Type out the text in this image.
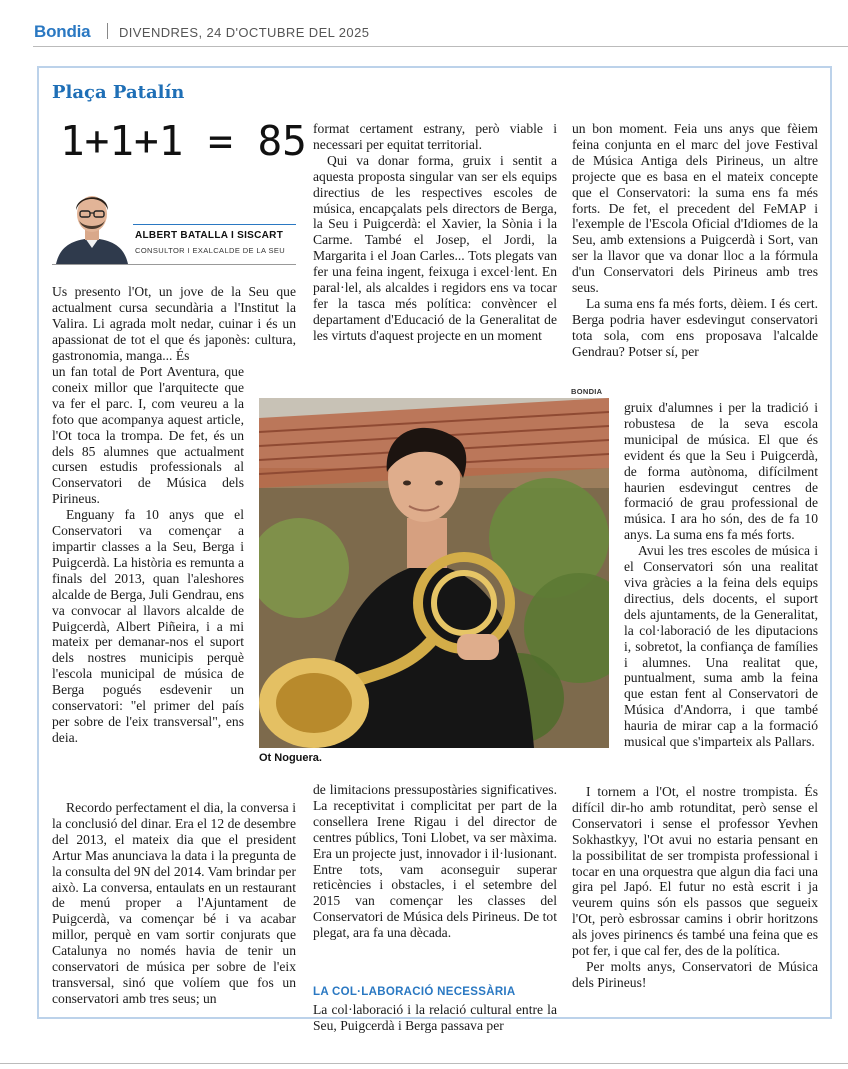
Bondia DIVENDRES, 24 D'OCTUBRE DEL 2025
Plaça Patalín
1+1+1 = 85
ALBERT BATALLA I SISCART
CONSULTOR I EXALCALDE DE LA SEU

Us presento l'Ot, un jove de la Seu que actualment cursa secundària a l'Institut la Valira. Li agrada molt nedar, cuinar i és un apassionat de tot el que és japonès: cultura, gastronomia, manga... És

un fan total de Port Aventura, que coneix millor que l'arquitecte que va fer el parc. I, com veureu a la foto que acompanya aquest article, l'Ot toca la trompa. De fet, és un dels 85 alumnes que actualment cursen estudis professionals al Conservatori de Música dels Pirineus.

Enguany fa 10 anys que el Conservatori va començar a impartir classes a la Seu, Berga i Puigcerdà. La història es remunta a finals del 2013, quan l'aleshores alcalde de Berga, Juli Gendrau, ens va convocar al llavors alcalde de Puigcerdà, Albert Piñeira, i a mi mateix per demanar-nos el suport dels nostres municipis perquè l'escola municipal de música de Berga pogués esdevenir un conservatori: "el primer del país per sobre de l'eix transversal", ens deia.

Recordo perfectament el dia, la conversa i la conclusió del dinar. Era el 12 de desembre del 2013, el mateix dia que el president Artur Mas anunciava la data i la pregunta de la consulta del 9N del 2014. Vam brindar per això. La conversa, entaulats en un restaurant de menú proper a l'Ajuntament de Puigcerdà, va començar bé i va acabar millor, perquè en vam sortir conjurats que Catalunya no només havia de tenir un conservatori de música per sobre de l'eix transversal, sinó que volíem que fos un conservatori amb tres seus; un

format certament estrany, però viable i necessari per equitat territorial.

Qui va donar forma, gruix i sentit a aquesta proposta singular van ser els equips directius de les respectives escoles de música, encapçalats pels directors de Berga, la Seu i Puigcerdà: el Xavier, la Sònia i la Carme. També el Josep, el Jordi, la Margarita i el Joan Carles... Tots plegats van fer una feina ingent, feixuga i excel·lent. En paral·lel, als alcaldes i regidors ens va tocar fer la tasca més política: convèncer el departament d'Educació de la Generalitat de les virtuts d'aquest projecte en un moment

de limitacions pressupostàries significatives. La receptivitat i complicitat per part de la consellera Irene Rigau i del director de centres públics, Toni Llobet, va ser màxima. Era un projecte just, innovador i il·lusionant. Entre tots, vam aconseguir superar reticències i obstacles, i el setembre del 2015 van començar les classes del Conservatori de Música dels Pirineus. De tot plegat, ara fa una dècada.

LA COL·LABORACIÓ NECESSÀRIA

La col·laboració i la relació cultural entre la Seu, Puigcerdà i Berga passava per

un bon moment. Feia uns anys que fèiem feina conjunta en el marc del jove Festival de Música Antiga dels Pirineus, un altre projecte que es basa en el mateix concepte que el Conservatori: la suma ens fa més forts. De fet, el precedent del FeMAP i l'exemple de l'Escola Oficial d'Idiomes de la Seu, amb extensions a Puigcerdà i Sort, van ser la llavor que va donar lloc a la fórmula d'un Conservatori dels Pirineus amb tres seus.

La suma ens fa més forts, dèiem. I és cert. Berga podria haver esdevingut conservatori tota sola, com ens proposava l'alcalde Gendrau? Potser sí, per

gruix d'alumnes i per la tradició i robustesa de la seva escola municipal de música. El que és evident és que la Seu i Puigcerdà, de forma autònoma, difícilment haurien esdevingut centres de formació de grau professional de música. I ara ho són, des de fa 10 anys. La suma ens fa més forts.

Avui les tres escoles de música i el Conservatori són una realitat viva gràcies a la feina dels equips directius, dels docents, el suport dels ajuntaments, de la Generalitat, la col·laboració de les diputacions i, sobretot, la confiança de famílies i alumnes. Una realitat que, puntualment, suma amb la feina que estan fent al Conservatori de Música d'Andorra, i que també hauria de mirar cap a la formació musical que s'imparteix als Pallars.

I tornem a l'Ot, el nostre trompista. És difícil dir-ho amb rotunditat, però sense el Conservatori i sense el professor Yevhen Sokhastkyy, l'Ot avui no estaria pensant en la possibilitat de ser trompista professional i tocar en una orquestra que algun dia faci una gira pel Japó. El futur no està escrit i ja veurem quins són els passos que segueix l'Ot, però esbrossar camins i obrir horitzons als joves pirinencs és també una feina que es pot fer, i que cal fer, des de la política.

Per molts anys, Conservatori de Música dels Pirineus!

BONDIA
Ot Noguera.
